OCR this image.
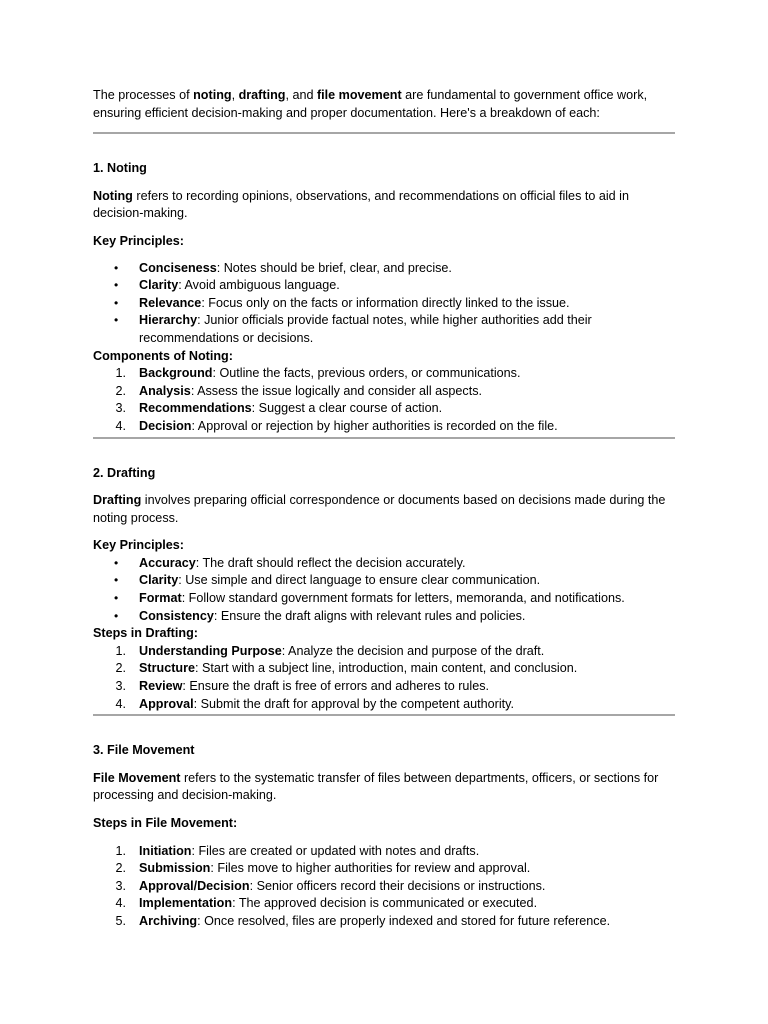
The processes of noting, drafting, and file movement are fundamental to government office work, ensuring efficient decision-making and proper documentation. Here's a breakdown of each:

1. Noting

Noting refers to recording opinions, observations, and recommendations on official files to aid in decision-making.

Key Principles:

• Conciseness: Notes should be brief, clear, and precise.
• Clarity: Avoid ambiguous language.
• Relevance: Focus only on the facts or information directly linked to the issue.
• Hierarchy: Junior officials provide factual notes, while higher authorities add their recommendations or decisions.

Components of Noting:

1. Background: Outline the facts, previous orders, or communications.
2. Analysis: Assess the issue logically and consider all aspects.
3. Recommendations: Suggest a clear course of action.
4. Decision: Approval or rejection by higher authorities is recorded on the file.

2. Drafting

Drafting involves preparing official correspondence or documents based on decisions made during the noting process.

Key Principles:

• Accuracy: The draft should reflect the decision accurately.
• Clarity: Use simple and direct language to ensure clear communication.
• Format: Follow standard government formats for letters, memoranda, and notifications.
• Consistency: Ensure the draft aligns with relevant rules and policies.

Steps in Drafting:

1. Understanding Purpose: Analyze the decision and purpose of the draft.
2. Structure: Start with a subject line, introduction, main content, and conclusion.
3. Review: Ensure the draft is free of errors and adheres to rules.
4. Approval: Submit the draft for approval by the competent authority.

3. File Movement

File Movement refers to the systematic transfer of files between departments, officers, or sections for processing and decision-making.

Steps in File Movement:

1. Initiation: Files are created or updated with notes and drafts.
2. Submission: Files move to higher authorities for review and approval.
3. Approval/Decision: Senior officers record their decisions or instructions.
4. Implementation: The approved decision is communicated or executed.
5. Archiving: Once resolved, files are properly indexed and stored for future reference.
